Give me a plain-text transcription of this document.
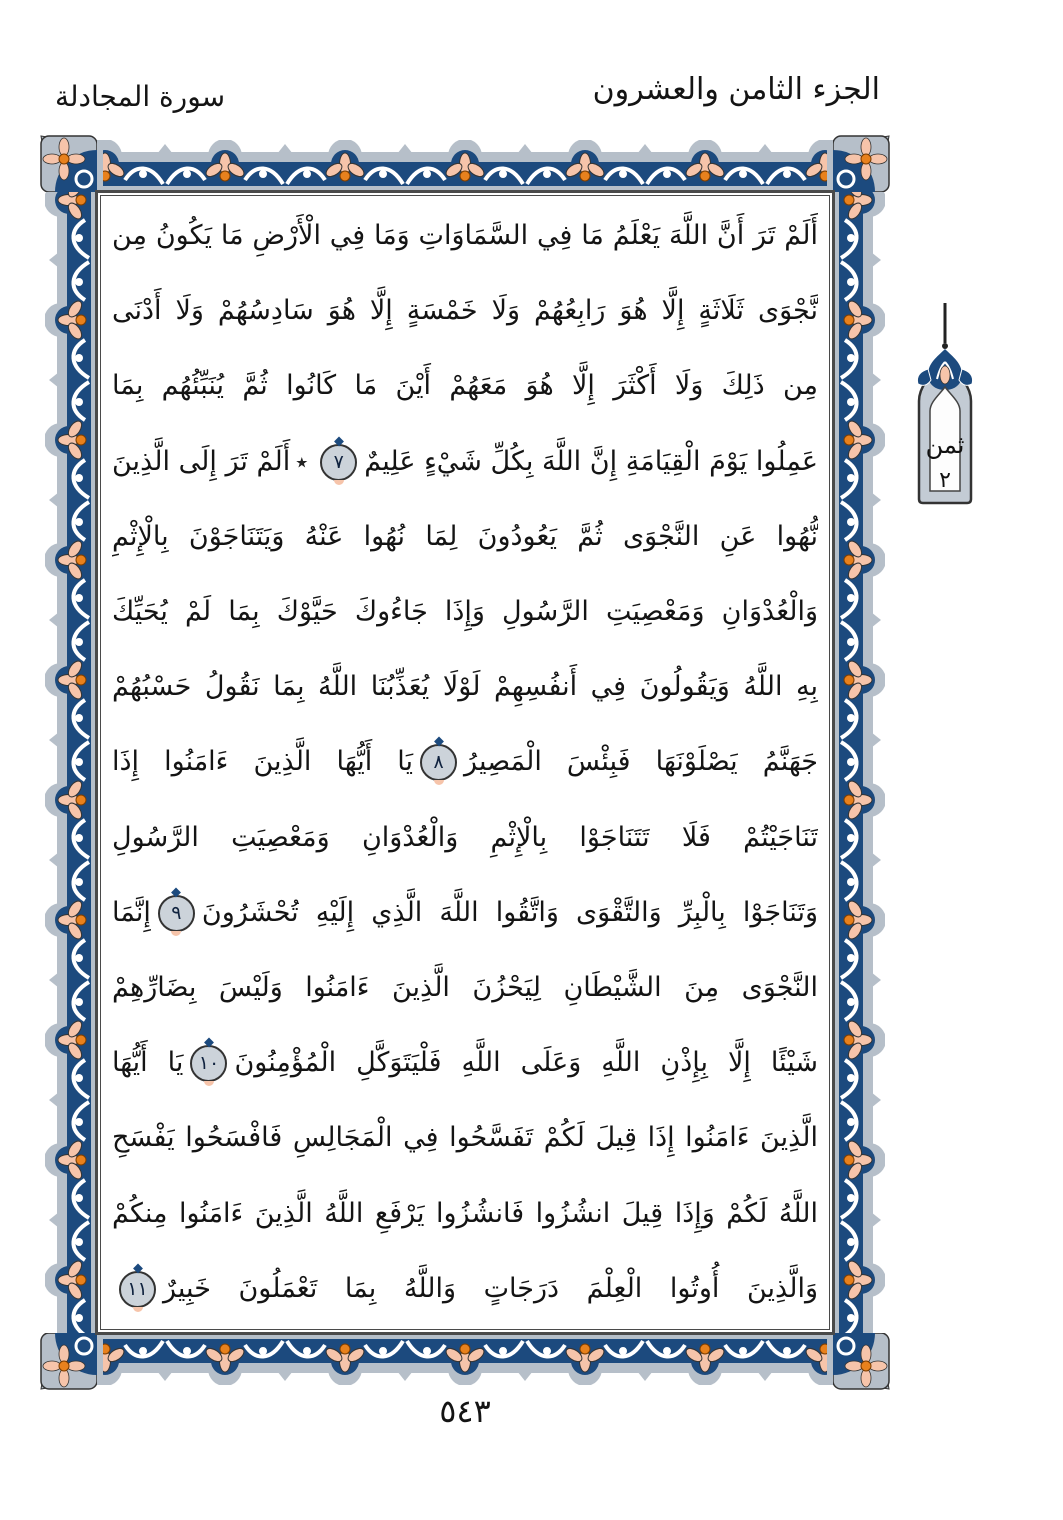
الجزء الثامن والعشرون
سورة المجادلة
أَلَمْ تَرَ أَنَّ اللَّهَ يَعْلَمُ مَا فِي السَّمَاوَاتِ وَمَا فِي الْأَرْضِ مَا يَكُونُ مِن
نَّجْوَى ثَلَاثَةٍ إِلَّا هُوَ رَابِعُهُمْ وَلَا خَمْسَةٍ إِلَّا هُوَ سَادِسُهُمْ وَلَا أَدْنَى
مِن ذَلِكَ وَلَا أَكْثَرَ إِلَّا هُوَ مَعَهُمْ أَيْنَ مَا كَانُوا ثُمَّ يُنَبِّئُهُم بِمَا
عَمِلُوا يَوْمَ الْقِيَامَةِ إِنَّ اللَّهَ بِكُلِّ شَيْءٍ عَلِيمٌ
٧
٭أَلَمْ تَرَ إِلَى الَّذِينَ
نُّهُوا عَنِ النَّجْوَى ثُمَّ يَعُودُونَ لِمَا نُهُوا عَنْهُ وَيَتَنَاجَوْنَ بِالْإِثْمِ
وَالْعُدْوَانِ وَمَعْصِيَتِ الرَّسُولِ وَإِذَا جَاءُوكَ حَيَّوْكَ بِمَا لَمْ يُحَيِّكَ
بِهِ اللَّهُ وَيَقُولُونَ فِي أَنفُسِهِمْ لَوْلَا يُعَذِّبُنَا اللَّهُ بِمَا نَقُولُ حَسْبُهُمْ
جَهَنَّمُ يَصْلَوْنَهَا فَبِئْسَ الْمَصِيرُ
٨
يَا أَيُّهَا الَّذِينَ ءَامَنُوا إِذَا
تَنَاجَيْتُمْ فَلَا تَتَنَاجَوْا بِالْإِثْمِ وَالْعُدْوَانِ وَمَعْصِيَتِ الرَّسُولِ
وَتَنَاجَوْا بِالْبِرِّ وَالتَّقْوَى وَاتَّقُوا اللَّهَ الَّذِي إِلَيْهِ تُحْشَرُونَ
٩
إِنَّمَا
النَّجْوَى مِنَ الشَّيْطَانِ لِيَحْزُنَ الَّذِينَ ءَامَنُوا وَلَيْسَ بِضَارِّهِمْ
شَيْئًا إِلَّا بِإِذْنِ اللَّهِ وَعَلَى اللَّهِ فَلْيَتَوَكَّلِ الْمُؤْمِنُونَ
١٠
يَا أَيُّهَا
الَّذِينَ ءَامَنُوا إِذَا قِيلَ لَكُمْ تَفَسَّحُوا فِي الْمَجَالِسِ فَافْسَحُوا يَفْسَحِ
اللَّهُ لَكُمْ وَإِذَا قِيلَ انشُزُوا فَانشُزُوا يَرْفَعِ اللَّهُ الَّذِينَ ءَامَنُوا مِنكُمْ
وَالَّذِينَ أُوتُوا الْعِلْمَ دَرَجَاتٍ وَاللَّهُ بِمَا تَعْمَلُونَ خَبِيرٌ
١١
ثمن
٢
٥٤٣
